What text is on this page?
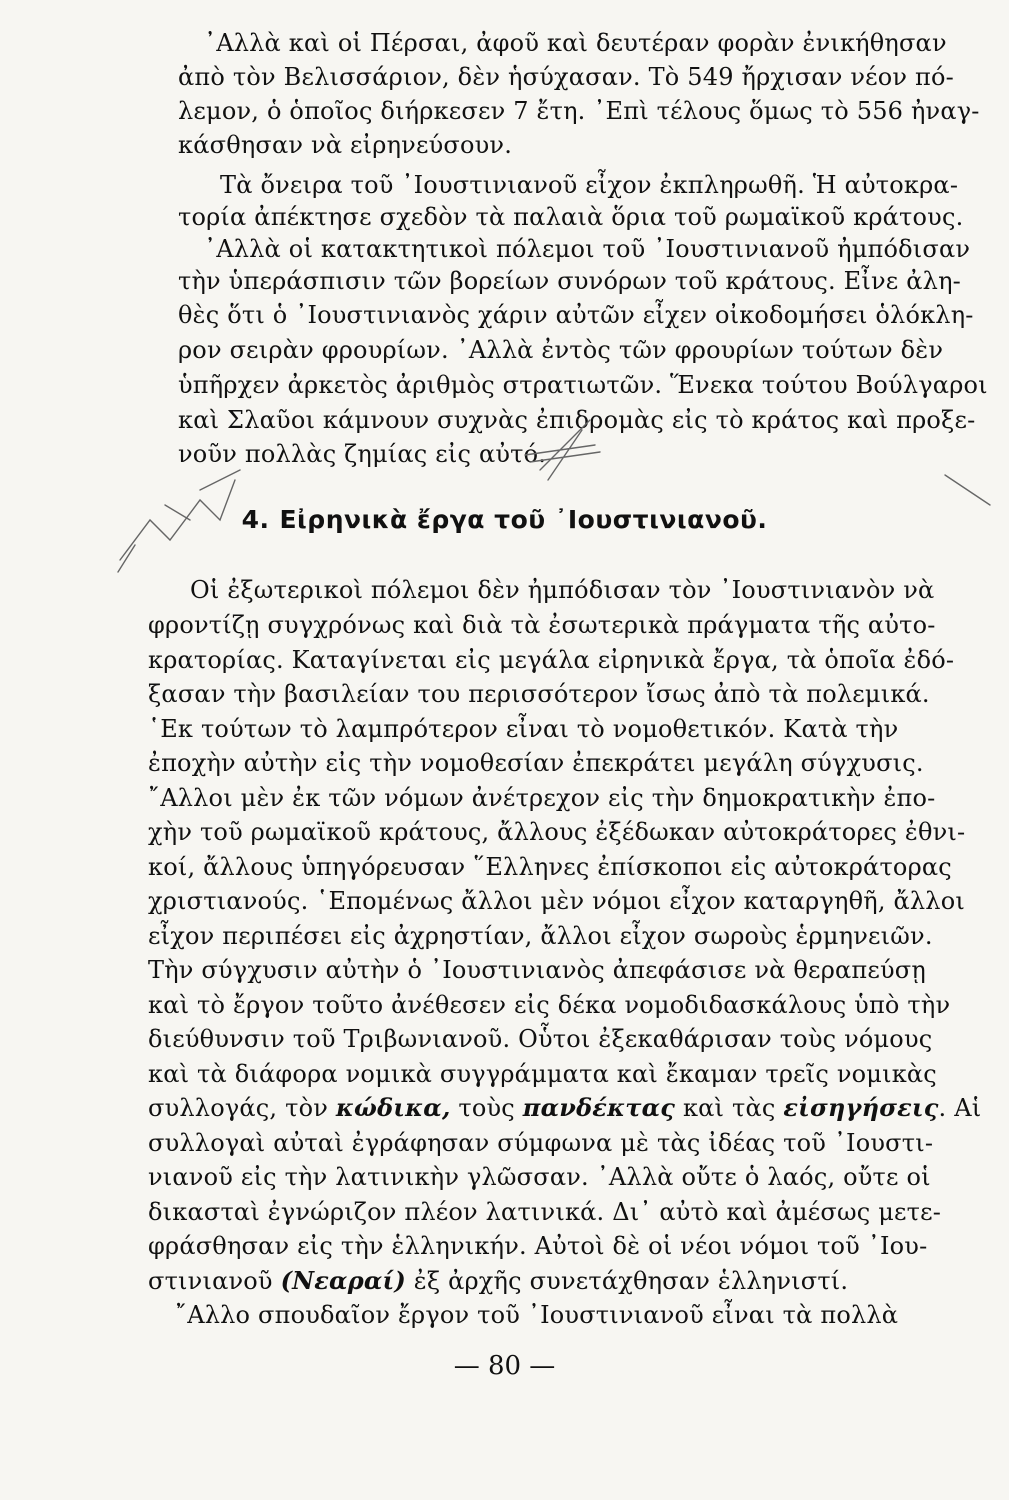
᾿Αλλὰ καὶ οἱ Πέρσαι, ἀφοῦ καὶ δευτέραν φορὰν ἐνικήθησαν
ἀπὸ τὸν Βελισσάριον, δὲν ἡσύχασαν. Τὸ 549 ἤρχισαν νέον πό-
λεμον, ὁ ὁποῖος διήρκεσεν 7 ἔτη. ᾿Επὶ τέλους ὅμως τὸ 556 ἠναγ-
κάσθησαν νὰ εἰρηνεύσουν.
Τὰ ὄνειρα τοῦ ᾿Ιουστινιανοῦ εἶχον ἐκπληρωθῆ. Ἡ αὐτοκρα-
τορία ἀπέκτησε σχεδὸν τὰ παλαιὰ ὅρια τοῦ ρωμαϊκοῦ κράτους.
᾿Αλλὰ οἱ κατακτητικοὶ πόλεμοι τοῦ ᾿Ιουστινιανοῦ ἠμπόδισαν
τὴν ὑπεράσπισιν τῶν βορείων συνόρων τοῦ κράτους. Εἶνε ἀλη-
θὲς ὅτι ὁ ᾿Ιουστινιανὸς χάριν αὐτῶν εἶχεν οἰκοδομήσει ὁλόκλη-
ρον σειρὰν φρουρίων. ᾿Αλλὰ ἐντὸς τῶν φρουρίων τούτων δὲν
ὑπῆρχεν ἀρκετὸς ἀριθμὸς στρατιωτῶν. Ἕνεκα τούτου Βούλγαροι
καὶ Σλαῦοι κάμνουν συχνὰς ἐπιδρομὰς εἰς τὸ κράτος καὶ προξε-
νοῦν πολλὰς ζημίας εἰς αὐτό.
4. Εἰρηνικὰ ἔργα τοῦ ᾿Ιουστινιανοῦ.
Οἱ ἐξωτερικοὶ πόλεμοι δὲν ἠμπόδισαν τὸν ᾿Ιουστινιανὸν νὰ
φροντίζῃ συγχρόνως καὶ διὰ τὰ ἐσωτερικὰ πράγματα τῆς αὐτο-
κρατορίας. Καταγίνεται εἰς μεγάλα εἰρηνικὰ ἔργα, τὰ ὁποῖα ἐδό-
ξασαν τὴν βασιλείαν του περισσότερον ἴσως ἀπὸ τὰ πολεμικά.
῾Εκ τούτων τὸ λαμπρότερον εἶναι τὸ νομοθετικόν. Κατὰ τὴν
ἐποχὴν αὐτὴν εἰς τὴν νομοθεσίαν ἐπεκράτει μεγάλη σύγχυσις.
῎Αλλοι μὲν ἐκ τῶν νόμων ἀνέτρεχον εἰς τὴν δημοκρατικὴν ἐπο-
χὴν τοῦ ρωμαϊκοῦ κράτους, ἄλλους ἐξέδωκαν αὐτοκράτορες ἐθνι-
κοί, ἄλλους ὑπηγόρευσαν ῞Ελληνες ἐπίσκοποι εἰς αὐτοκράτορας
χριστιανούς. ῾Επομένως ἄλλοι μὲν νόμοι εἶχον καταργηθῆ, ἄλλοι
εἶχον περιπέσει εἰς ἀχρηστίαν, ἄλλοι εἶχον σωροὺς ἑρμηνειῶν.
Τὴν σύγχυσιν αὐτὴν ὁ ᾿Ιουστινιανὸς ἀπεφάσισε νὰ θεραπεύσῃ
καὶ τὸ ἔργον τοῦτο ἀνέθεσεν εἰς δέκα νομοδιδασκάλους ὑπὸ τὴν
διεύθυνσιν τοῦ Τριβωνιανοῦ. Οὗτοι ἐξεκαθάρισαν τοὺς νόμους
καὶ τὰ διάφορα νομικὰ συγγράμματα καὶ ἔκαμαν τρεῖς νομικὰς
συλλογάς, τὸν κώδικα, τοὺς πανδέκτας καὶ τὰς εἰσηγήσεις. Αἱ
συλλογαὶ αὐταὶ ἐγράφησαν σύμφωνα μὲ τὰς ἰδέας τοῦ ᾿Ιουστι-
νιανοῦ εἰς τὴν λατινικὴν γλῶσσαν. ᾿Αλλὰ οὔτε ὁ λαός, οὔτε οἱ
δικασταὶ ἐγνώριζον πλέον λατινικά. Δι᾿ αὐτὸ καὶ ἀμέσως μετε-
φράσθησαν εἰς τὴν ἑλληνικήν. Αὐτοὶ δὲ οἱ νέοι νόμοι τοῦ ᾿Ιου-
στινιανοῦ (Νεαραί) ἐξ ἀρχῆς συνετάχθησαν ἑλληνιστί.
῎Αλλο σπουδαῖον ἔργον τοῦ ᾿Ιουστινιανοῦ εἶναι τὰ πολλὰ
— 80 —
